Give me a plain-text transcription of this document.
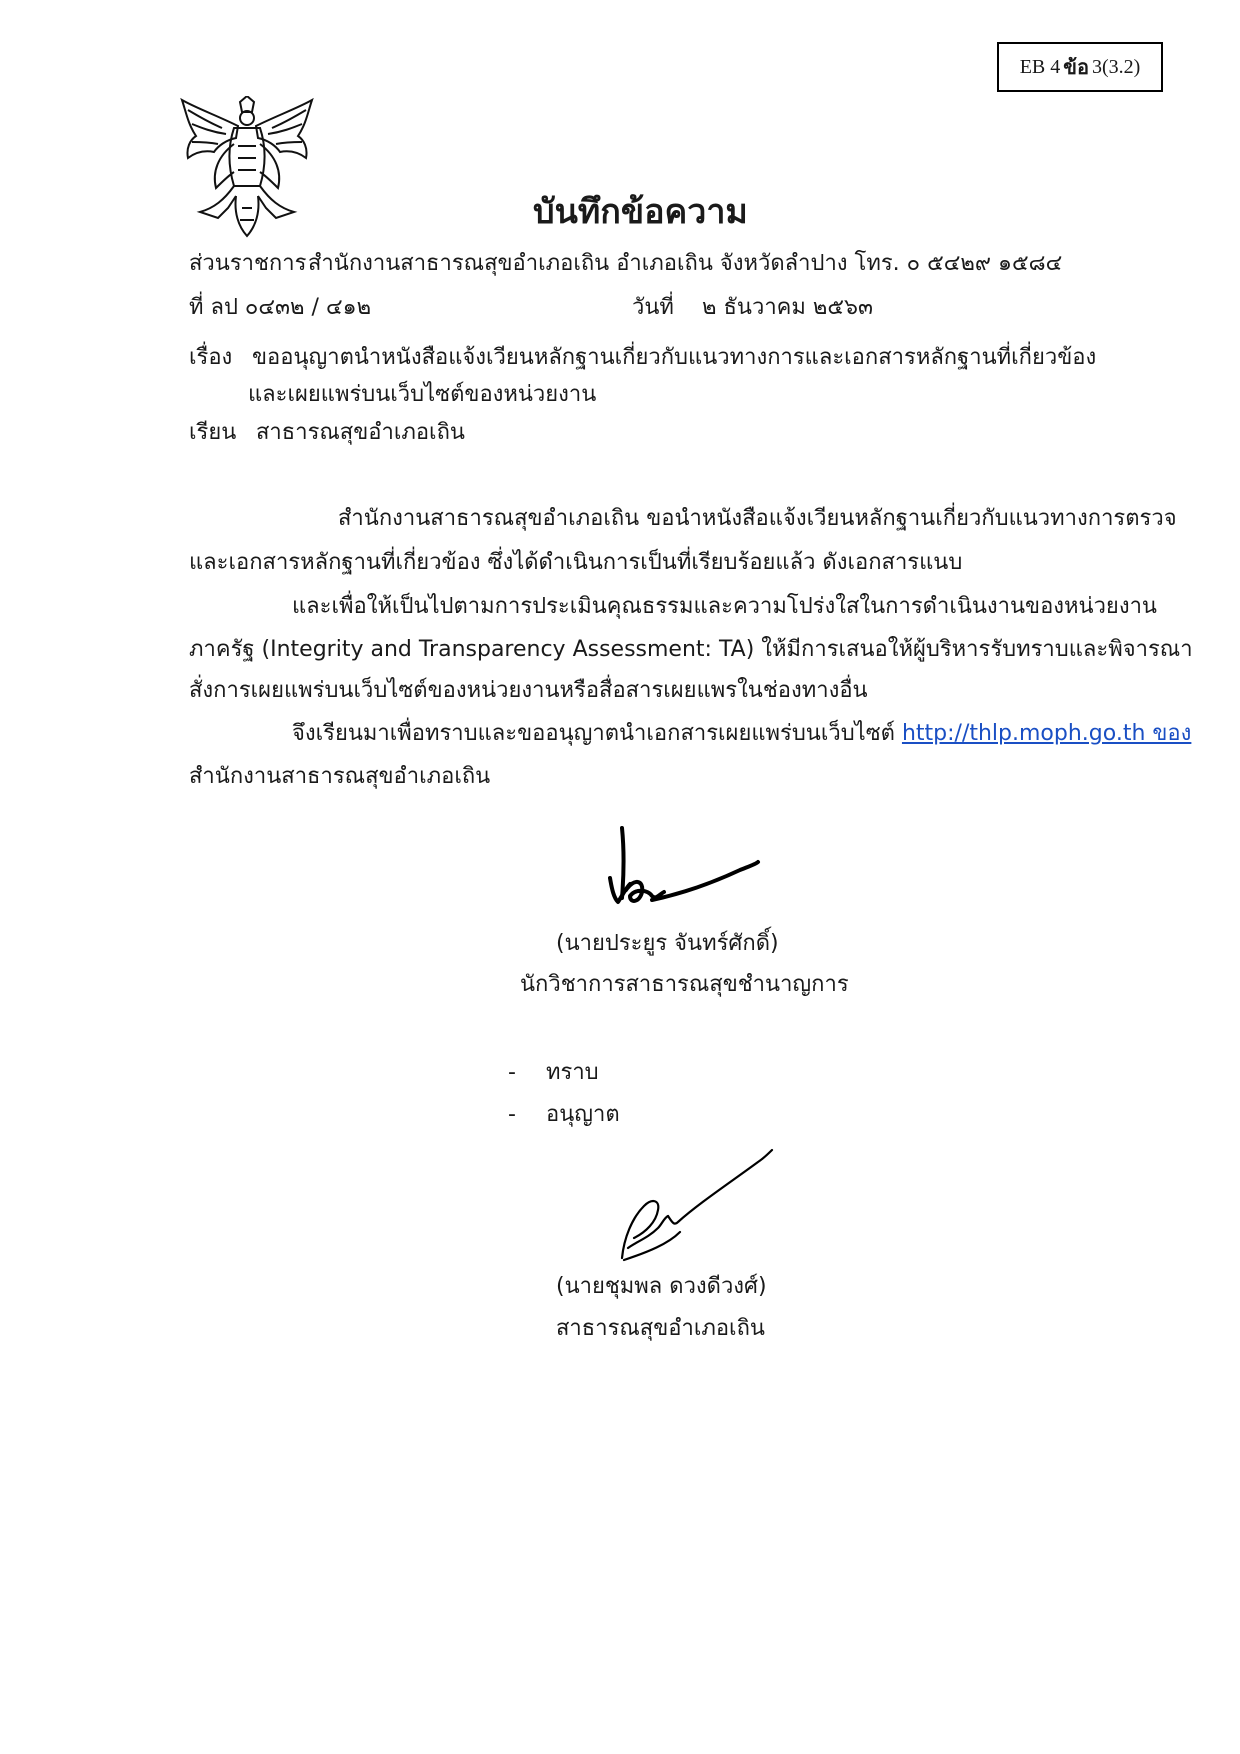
EB 4 ข้อ 3(3.2)
บันทึกข้อความ
ส่วนราชการ สำนักงานสาธารณสุขอำเภอเถิน อำเภอเถิน จังหวัดลำปาง โทร. ๐ ๕๔๒๙ ๑๕๘๔
ที่ ลป ๐๔๓๒ / ๔๑๒	วันที่ ๒ ธันวาคม ๒๕๖๓
เรื่อง ขออนุญาตนำหนังสือแจ้งเวียนหลักฐานเกี่ยวกับแนวทางการและเอกสารหลักฐานที่เกี่ยวข้อง
และเผยแพร่บนเว็บไซต์ของหน่วยงาน
เรียน สาธารณสุขอำเภอเถิน
สำนักงานสาธารณสุขอำเภอเถิน ขอนำหนังสือแจ้งเวียนหลักฐานเกี่ยวกับแนวทางการตรวจ
และเอกสารหลักฐานที่เกี่ยวข้อง ซึ่งได้ดำเนินการเป็นที่เรียบร้อยแล้ว ดังเอกสารแนบ
และเพื่อให้เป็นไปตามการประเมินคุณธรรมและความโปร่งใสในการดำเนินงานของหน่วยงาน
ภาครัฐ (Integrity and Transparency Assessment: TA) ให้มีการเสนอให้ผู้บริหารรับทราบและพิจารณา
สั่งการเผยแพร่บนเว็บไซต์ของหน่วยงานหรือสื่อสารเผยแพรในช่องทางอื่น
จึงเรียนมาเพื่อทราบและขออนุญาตนำเอกสารเผยแพร่บนเว็บไซต์ http://thlp.moph.go.th ของ
สำนักงานสาธารณสุขอำเภอเถิน
(นายประยูร จันทร์ศักดิ์)
นักวิชาการสาธารณสุขชำนาญการ
- ทราบ
- อนุญาต
(นายชุมพล ดวงดีวงศ์)
สาธารณสุขอำเภอเถิน
